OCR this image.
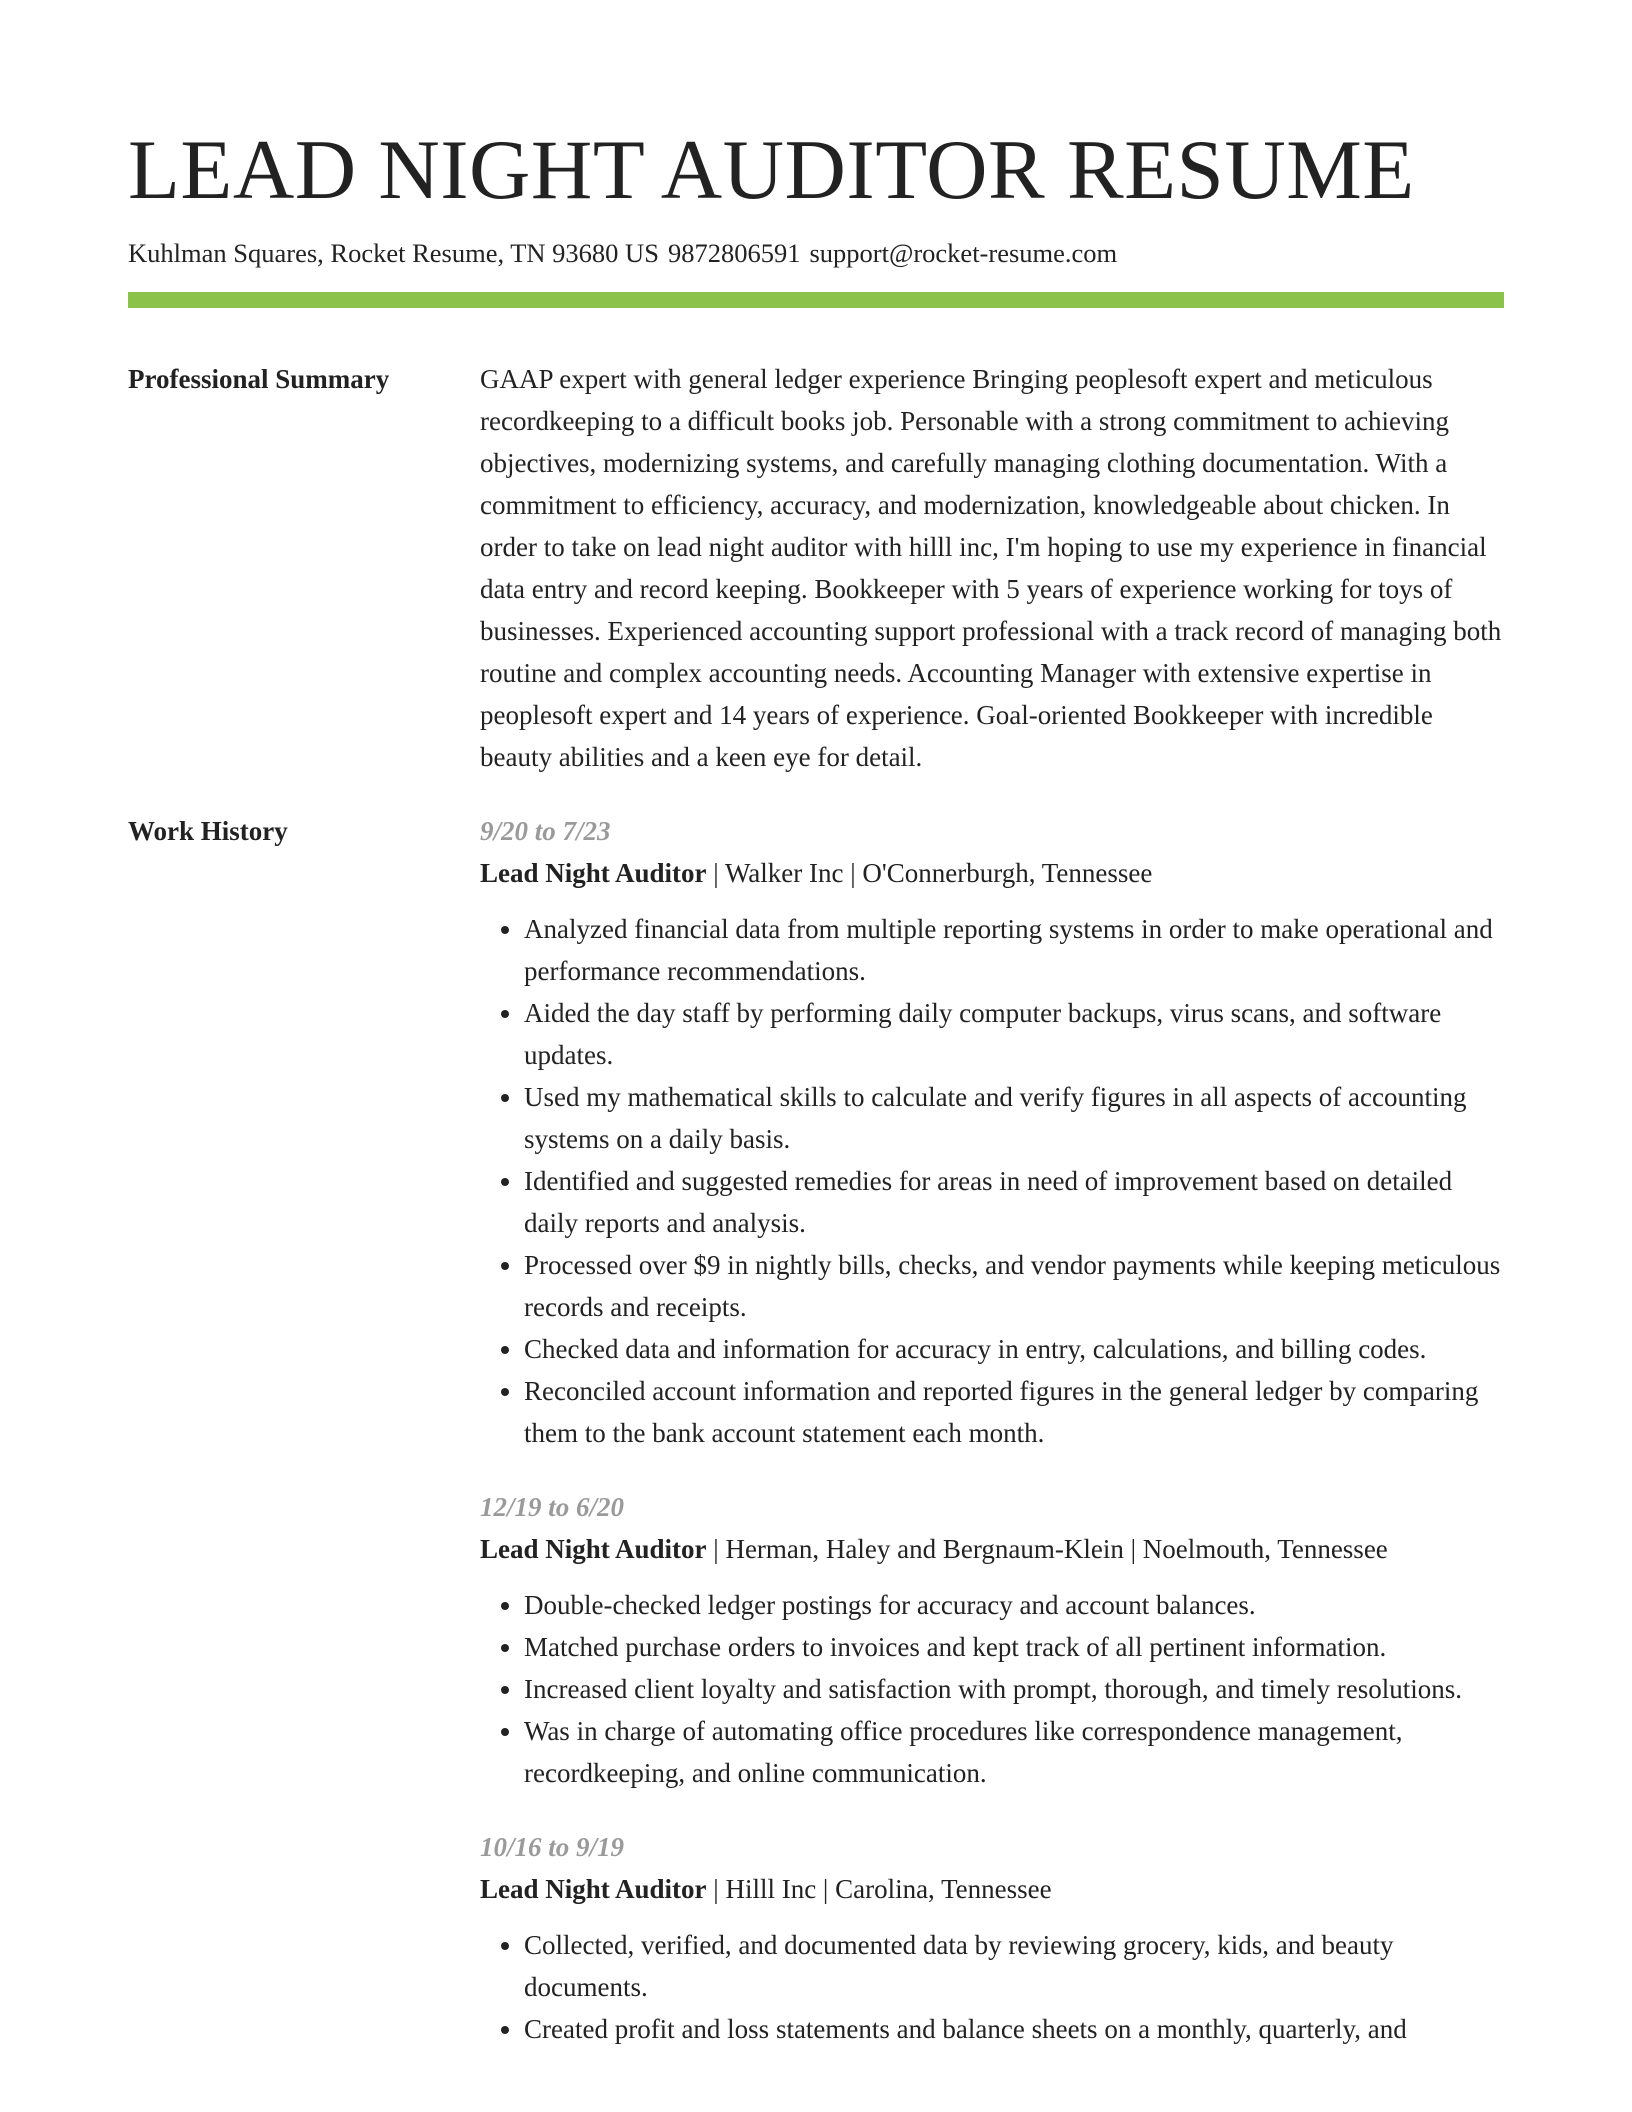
LEAD NIGHT AUDITOR RESUME
Kuhlman Squares, Rocket Resume, TN 93680 US 9872806591 support@rocket-resume.com
Professional Summary	GAAP expert with general ledger experience Bringing peoplesoft expert and meticulous recordkeeping to a difficult books job. Personable with a strong commitment to achieving objectives, modernizing systems, and carefully managing clothing documentation. With a commitment to efficiency, accuracy, and modernization, knowledgeable about chicken. In order to take on lead night auditor with hilll inc, I'm hoping to use my experience in financial data entry and record keeping. Bookkeeper with 5 years of experience working for toys of businesses. Experienced accounting support professional with a track record of managing both routine and complex accounting needs. Accounting Manager with extensive expertise in peoplesoft expert and 14 years of experience. Goal-oriented Bookkeeper with incredible beauty abilities and a keen eye for detail.
Work History	9/20 to 7/23
Lead Night Auditor | Walker Inc | O'Connerburgh, Tennessee
• Analyzed financial data from multiple reporting systems in order to make operational and performance recommendations.
• Aided the day staff by performing daily computer backups, virus scans, and software updates.
• Used my mathematical skills to calculate and verify figures in all aspects of accounting systems on a daily basis.
• Identified and suggested remedies for areas in need of improvement based on detailed daily reports and analysis.
• Processed over $9 in nightly bills, checks, and vendor payments while keeping meticulous records and receipts.
• Checked data and information for accuracy in entry, calculations, and billing codes.
• Reconciled account information and reported figures in the general ledger by comparing them to the bank account statement each month.
12/19 to 6/20
Lead Night Auditor | Herman, Haley and Bergnaum-Klein | Noelmouth, Tennessee
• Double-checked ledger postings for accuracy and account balances.
• Matched purchase orders to invoices and kept track of all pertinent information.
• Increased client loyalty and satisfaction with prompt, thorough, and timely resolutions.
• Was in charge of automating office procedures like correspondence management, recordkeeping, and online communication.
10/16 to 9/19
Lead Night Auditor | Hilll Inc | Carolina, Tennessee
• Collected, verified, and documented data by reviewing grocery, kids, and beauty documents.
• Created profit and loss statements and balance sheets on a monthly, quarterly, and
